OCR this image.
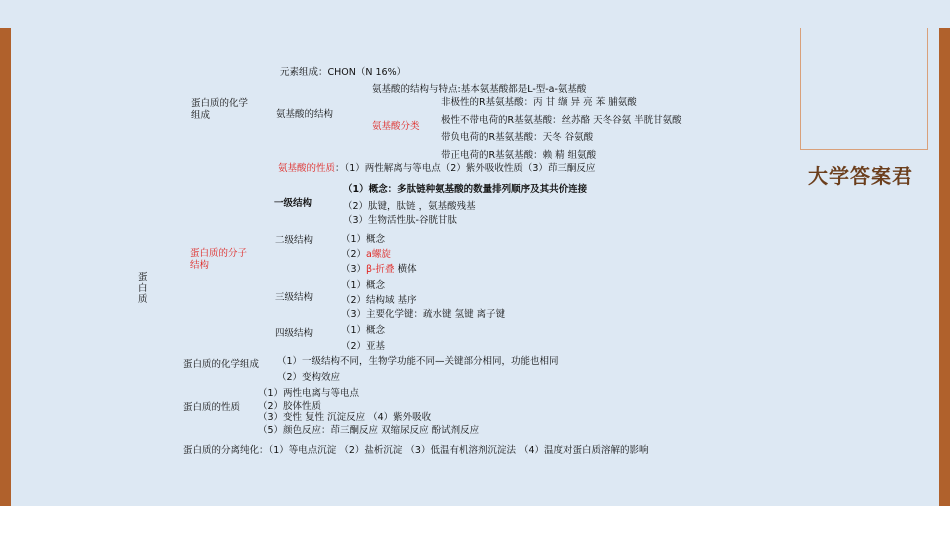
大学答案君
蛋白质
蛋白质的化学组成
元素组成：CHON（N 16%）
氨基酸的结构
氨基酸的结构与特点:基本氨基酸都是L-型-a-氨基酸
氨基酸分类
非极性的R基氨基酸：丙 甘 缬 异 亮 苯 脯氨酸
极性不带电荷的R基氨基酸：丝苏酪 天冬谷氨 半胱甘氨酸
带负电荷的R基氨基酸：天冬 谷氨酸
带正电荷的R基氨基酸：赖 精 组氨酸
氨基酸的性质：（1）两性解离与等电点（2）紫外吸收性质（3）茚三酮反应
蛋白质的分子结构
一级结构
（1）概念：多肽链种氨基酸的数量排列顺序及其共价连接
（2）肽键，肽链 ，氨基酸残基
（3）生物活性肽-谷胱甘肽
二级结构	（1）概念
（2）a螺旋
（3）β-折叠 横体
三级结构
（1）概念
（2）结构域 基序
（3）主要化学键：疏水键 氢键 离子键
四级结构	（1）概念
（2）亚基
蛋白质的化学组成 （1）一级结构不同，生物学功能不同—关键部分相同，功能也相同
（2）变构效应
蛋白质的性质
（1）两性电离与等电点
（2）胶体性质
（3）变性 复性 沉淀反应 （4）紫外吸收
（5）颜色反应：茚三酮反应 双缩尿反应 酚试剂反应
蛋白质的分离纯化：（1）等电点沉淀 （2）盐析沉淀 （3）低温有机溶剂沉淀法 （4）温度对蛋白质溶解的影响
